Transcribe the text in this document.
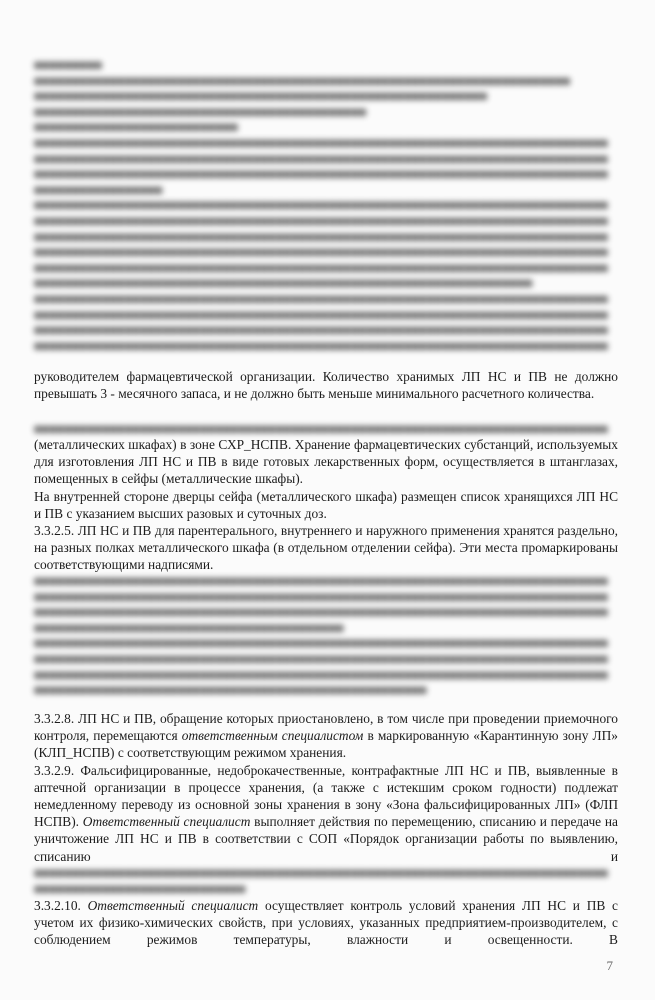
■■■■■■■■■

■■■■■■■■■■■■■■■■■■■■■■■■■■■■■■■■■■■■■■■■■■■■■■■■■■■■■■■■■■■■■■■■■■■■■■■

■■■■■■■■■■■■■■■■■■■■■■■■■■■■■■■■■■■■■■■■■■■■■■■■■■■■■■■■■■■■

■■■■■■■■■■■■■■■■■■■■■■■■■■■■■■■■■■■■■■■■■■■■

■■■■■■■■■■■■■■■■■■■■■■■■■■■

■■■■■■■■■■■■■■■■■■■■■■■■■■■■■■■■■■■■■■■■■■■■■■■■■■■■■■■■■■■■■■■■■■■■■■■■■■■■

■■■■■■■■■■■■■■■■■■■■■■■■■■■■■■■■■■■■■■■■■■■■■■■■■■■■■■■■■■■■■■■■■■■■■■■■■■■■

■■■■■■■■■■■■■■■■■■■■■■■■■■■■■■■■■■■■■■■■■■■■■■■■■■■■■■■■■■■■■■■■■■■■■■■■■■■■

■■■■■■■■■■■■■■■■■

■■■■■■■■■■■■■■■■■■■■■■■■■■■■■■■■■■■■■■■■■■■■■■■■■■■■■■■■■■■■■■■■■■■■■■■■■■■■

■■■■■■■■■■■■■■■■■■■■■■■■■■■■■■■■■■■■■■■■■■■■■■■■■■■■■■■■■■■■■■■■■■■■■■■■■■■■

■■■■■■■■■■■■■■■■■■■■■■■■■■■■■■■■■■■■■■■■■■■■■■■■■■■■■■■■■■■■■■■■■■■■■■■■■■■■

■■■■■■■■■■■■■■■■■■■■■■■■■■■■■■■■■■■■■■■■■■■■■■■■■■■■■■■■■■■■■■■■■■■■■■■■■■■■

■■■■■■■■■■■■■■■■■■■■■■■■■■■■■■■■■■■■■■■■■■■■■■■■■■■■■■■■■■■■■■■■■■■■■■■■■■■■

■■■■■■■■■■■■■■■■■■■■■■■■■■■■■■■■■■■■■■■■■■■■■■■■■■■■■■■■■■■■■■■■■■

■■■■■■■■■■■■■■■■■■■■■■■■■■■■■■■■■■■■■■■■■■■■■■■■■■■■■■■■■■■■■■■■■■■■■■■■■■■■

■■■■■■■■■■■■■■■■■■■■■■■■■■■■■■■■■■■■■■■■■■■■■■■■■■■■■■■■■■■■■■■■■■■■■■■■■■■■

■■■■■■■■■■■■■■■■■■■■■■■■■■■■■■■■■■■■■■■■■■■■■■■■■■■■■■■■■■■■■■■■■■■■■■■■■■■■

■■■■■■■■■■■■■■■■■■■■■■■■■■■■■■■■■■■■■■■■■■■■■■■■■■■■■■■■■■■■■■■■■■■■■■■■■■■■

руководителем фармацевтической организации. Количество хранимых ЛП НС и ПВ не должно превышать 3 - месячного запаса, и не должно быть меньше минимального расчетного количества.

■■■■■■■■■■■■■■■■■■■■■■■■■■■■■■■■■■■■■■■■■■■■■■■■■■■■■■■■■■■■■■■■■■■■■■■■■■■■

(металлических шкафах) в зоне СХР_НСПВ. Хранение фармацевтических субстанций, используемых для изготовления ЛП НС и ПВ в виде готовых лекарственных форм, осуществляется в штанглазах, помещенных в сейфы (металлические шкафы).

На внутренней стороне дверцы сейфа (металлического шкафа) размещен список хранящихся ЛП НС и ПВ с указанием высших разовых и суточных доз.

3.3.2.5. ЛП НС и ПВ для парентерального, внутреннего и наружного применения хранятся раздельно, на разных полках металлического шкафа (в отдельном отделении сейфа). Эти места промаркированы соответствующими надписями.

■■■■■■■■■■■■■■■■■■■■■■■■■■■■■■■■■■■■■■■■■■■■■■■■■■■■■■■■■■■■■■■■■■■■■■■■■■■■

■■■■■■■■■■■■■■■■■■■■■■■■■■■■■■■■■■■■■■■■■■■■■■■■■■■■■■■■■■■■■■■■■■■■■■■■■■■■

■■■■■■■■■■■■■■■■■■■■■■■■■■■■■■■■■■■■■■■■■■■■■■■■■■■■■■■■■■■■■■■■■■■■■■■■■■■■

■■■■■■■■■■■■■■■■■■■■■■■■■■■■■■■■■■■■■■■■■

■■■■■■■■■■■■■■■■■■■■■■■■■■■■■■■■■■■■■■■■■■■■■■■■■■■■■■■■■■■■■■■■■■■■■■■■■■■■

■■■■■■■■■■■■■■■■■■■■■■■■■■■■■■■■■■■■■■■■■■■■■■■■■■■■■■■■■■■■■■■■■■■■■■■■■■■■

■■■■■■■■■■■■■■■■■■■■■■■■■■■■■■■■■■■■■■■■■■■■■■■■■■■■■■■■■■■■■■■■■■■■■■■■■■■■

■■■■■■■■■■■■■■■■■■■■■■■■■■■■■■■■■■■■■■■■■■■■■■■■■■■■

3.3.2.8. ЛП НС и ПВ, обращение которых приостановлено, в том числе при проведении приемочного контроля, перемещаются ответственным специалистом в маркированную «Карантинную зону ЛП» (КЛП_НСПВ) с соответствующим режимом хранения.

3.3.2.9. Фальсифицированные, недоброкачественные, контрафактные ЛП НС и ПВ, выявленные в аптечной организации в процессе хранения, (а также с истекшим сроком годности) подлежат немедленному переводу из основной зоны хранения в зону «Зона фальсифицированных ЛП» (ФЛП НСПВ). Ответственный специалист выполняет действия по перемещению, списанию и передаче на уничтожение ЛП НС и ПВ в соответствии с СОП «Порядок организации работы по выявлению, списанию и

■■■■■■■■■■■■■■■■■■■■■■■■■■■■■■■■■■■■■■■■■■■■■■■■■■■■■■■■■■■■■■■■■■■■■■■■■■■■

■■■■■■■■■■■■■■■■■■■■■■■■■■■■

3.3.2.10. Ответственный специалист осуществляет контроль условий хранения ЛП НС и ПВ с учетом их физико-химических свойств, при условиях, указанных предприятием-производителем, с соблюдением режимов температуры, влажности и освещенности. В

7
